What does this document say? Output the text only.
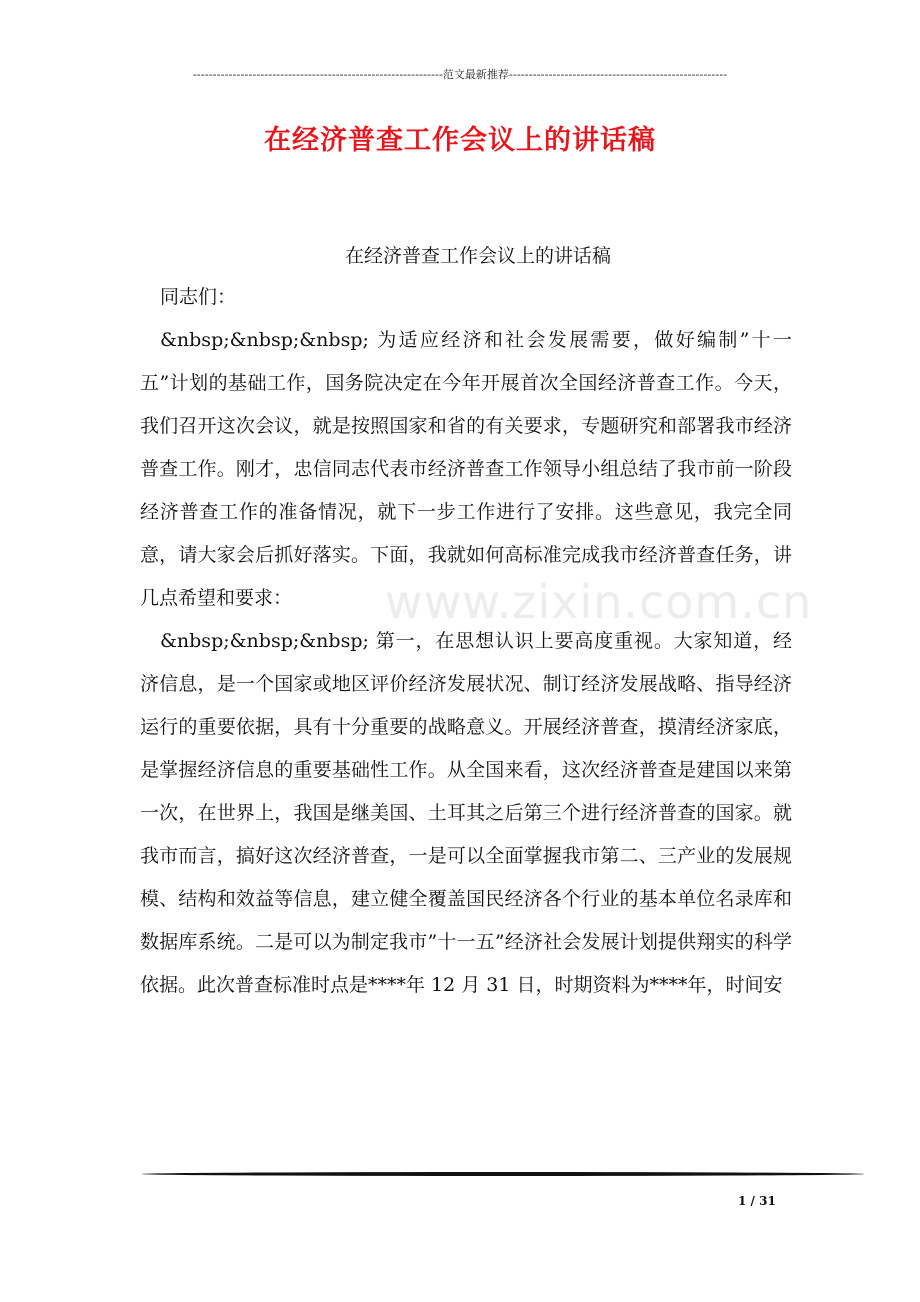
---------------------------------------------------------------范文最新推荐-------------------------------------------------------
在经济普查工作会议上的讲话稿
www.zixin.com.cn

在经济普查工作会议上的讲话稿

同志们：

&nbsp;&nbsp;&nbsp; 为适应经济和社会发展需要，做好编制”十一五”计划的基础工作，国务院决定在今年开展首次全国经济普查工作。今天，我们召开这次会议，就是按照国家和省的有关要求，专题研究和部署我市经济普查工作。刚才，忠信同志代表市经济普查工作领导小组总结了我市前一阶段经济普查工作的准备情况，就下一步工作进行了安排。这些意见，我完全同意，请大家会后抓好落实。下面，我就如何高标准完成我市经济普查任务，讲几点希望和要求：

&nbsp;&nbsp;&nbsp; 第一，在思想认识上要高度重视。大家知道，经济信息，是一个国家或地区评价经济发展状况、制订经济发展战略、指导经济运行的重要依据，具有十分重要的战略意义。开展经济普查，摸清经济家底，是掌握经济信息的重要基础性工作。从全国来看，这次经济普查是建国以来第一次，在世界上，我国是继美国、土耳其之后第三个进行经济普查的国家。就我市而言，搞好这次经济普查，一是可以全面掌握我市第二、三产业的发展规模、结构和效益等信息，建立健全覆盖国民经济各个行业的基本单位名录库和数据库系统。二是可以为制定我市”十一五”经济社会发展计划提供翔实的科学依据。此次普查标准时点是****年 12 月 31 日，时期资料为****年，时间安

1 / 31
